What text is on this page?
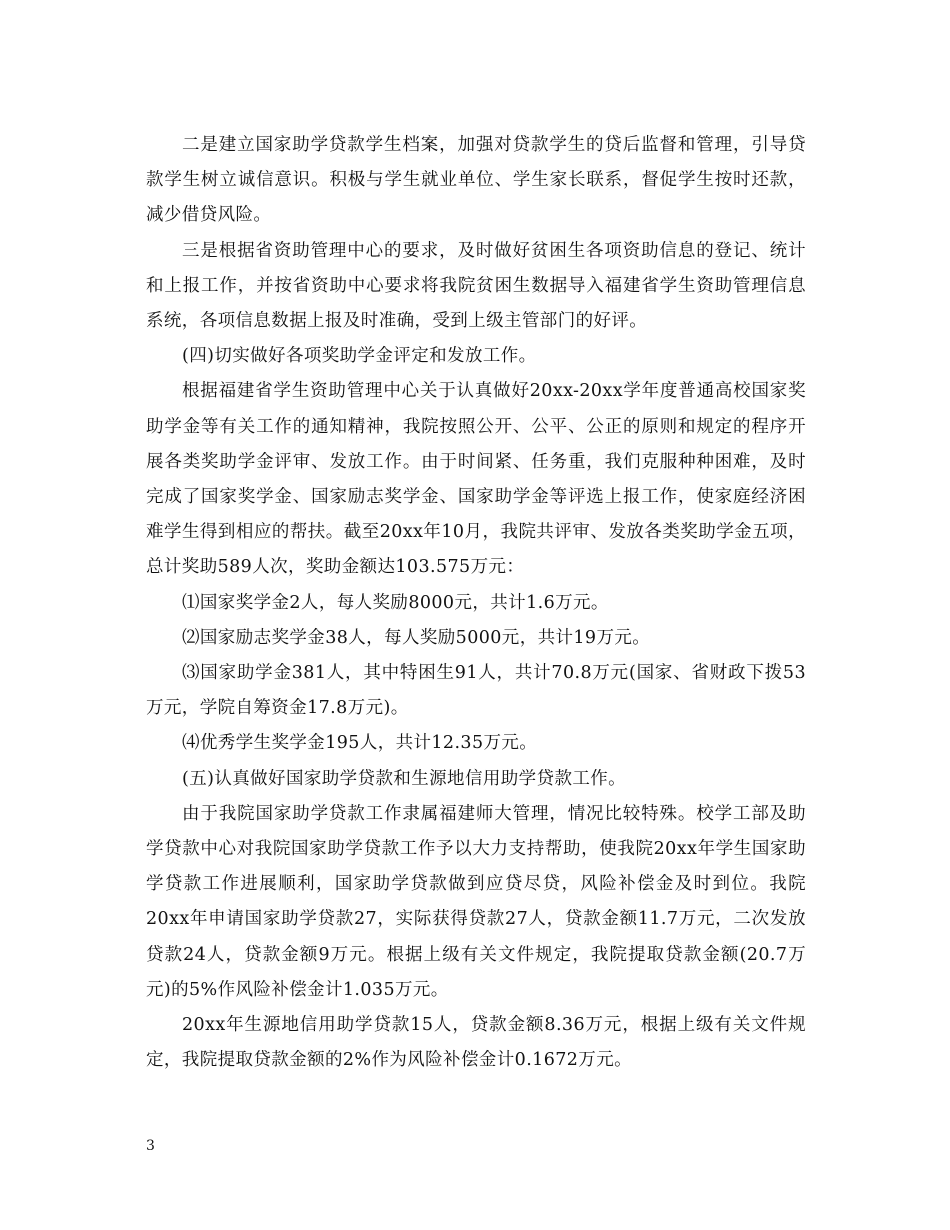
二是建立国家助学贷款学生档案，加强对贷款学生的贷后监督和管理，引导贷款学生树立诚信意识。积极与学生就业单位、学生家长联系，督促学生按时还款，减少借贷风险。

三是根据省资助管理中心的要求，及时做好贫困生各项资助信息的登记、统计和上报工作，并按省资助中心要求将我院贫困生数据导入福建省学生资助管理信息系统，各项信息数据上报及时准确，受到上级主管部门的好评。

(四)切实做好各项奖助学金评定和发放工作。

根据福建省学生资助管理中心关于认真做好20xx-20xx学年度普通高校国家奖助学金等有关工作的通知精神，我院按照公开、公平、公正的原则和规定的程序开展各类奖助学金评审、发放工作。由于时间紧、任务重，我们克服种种困难，及时完成了国家奖学金、国家励志奖学金、国家助学金等评选上报工作，使家庭经济困难学生得到相应的帮扶。截至20xx年10月，我院共评审、发放各类奖助学金五项，总计奖助589人次，奖助金额达103.575万元：

⑴国家奖学金2人，每人奖励8000元，共计1.6万元。

⑵国家励志奖学金38人，每人奖励5000元，共计19万元。

⑶国家助学金381人，其中特困生91人，共计70.8万元(国家、省财政下拨53万元，学院自筹资金17.8万元)。

⑷优秀学生奖学金195人，共计12.35万元。

(五)认真做好国家助学贷款和生源地信用助学贷款工作。

由于我院国家助学贷款工作隶属福建师大管理，情况比较特殊。校学工部及助学贷款中心对我院国家助学贷款工作予以大力支持帮助，使我院20xx年学生国家助学贷款工作进展顺利，国家助学贷款做到应贷尽贷，风险补偿金及时到位。我院20xx年申请国家助学贷款27，实际获得贷款27人，贷款金额11.7万元，二次发放贷款24人，贷款金额9万元。根据上级有关文件规定，我院提取贷款金额(20.7万元)的5%作风险补偿金计1.035万元。

20xx年生源地信用助学贷款15人，贷款金额8.36万元，根据上级有关文件规定，我院提取贷款金额的2%作为风险补偿金计0.1672万元。

3
